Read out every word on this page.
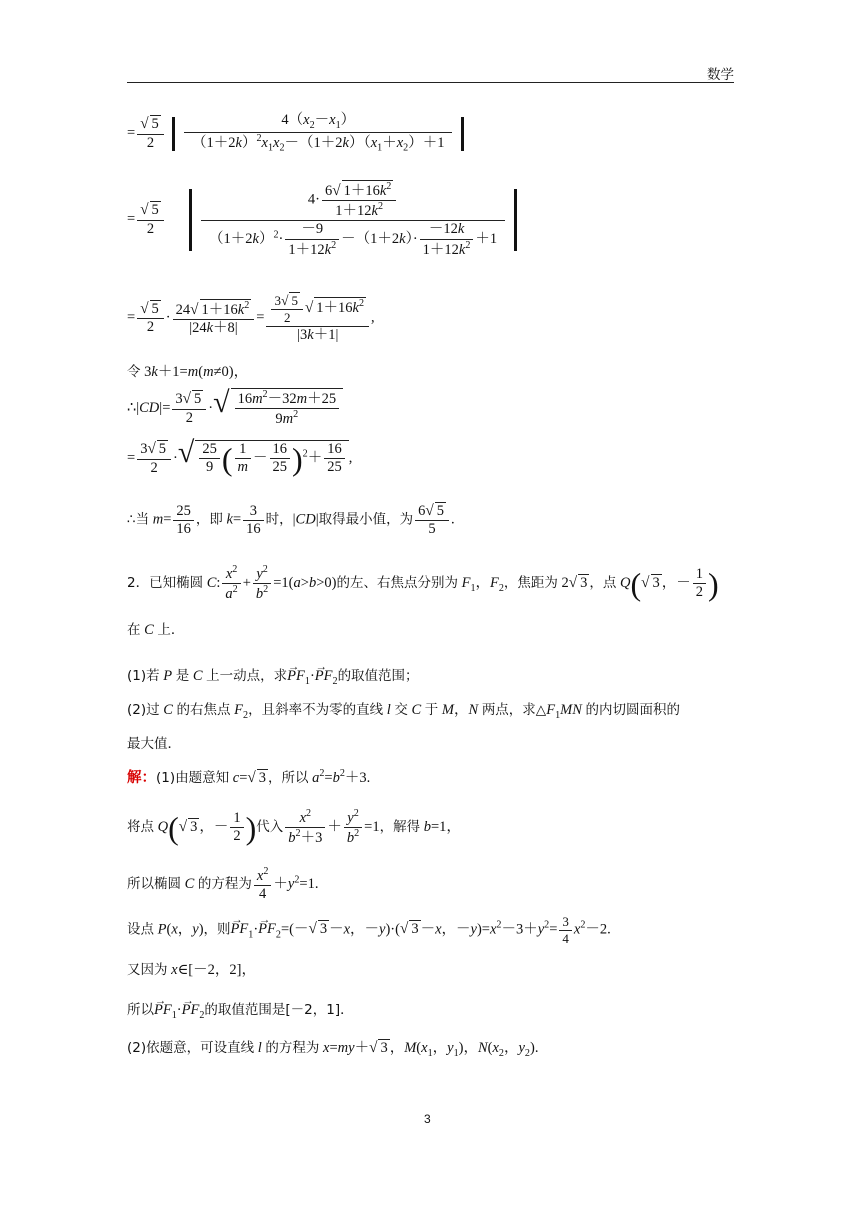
数学
= $\frac{√ 5}{2}$
$\frac{4(x_2-x_1)}{(1+2k)^2x_1x_2-(1+2k)(x_1+x_2)+1}$

= $\frac{√ 5}{2}$
	$\frac{4\cdot \frac{6√ 1+16k^2}{1+12k^2}}{(1+2k)^2\cdot \frac{-9}{1+12k^2} -(1+2k)\cdot \frac{-12k}{1+12k^2} +1}$

= $\frac{√ 5}{2} \cdot \frac{24√ 1+16k^2}{|24k+8|} = \frac{\frac{3√ 5}{2} √ 1+16k^2}{|3k+1|}$ ,
令 3k＋1=m(m≠0)，
∴|CD|= $\frac{3√ 5}{2}$ ·√ $\frac{16m^2-32m+25}{9m^2}$
= $\frac{3√ 5}{2}$ ·√ $\frac{25}{9}$ ( $\frac{1}{m} - \frac{16}{25} )^2+ \frac{16}{25}$ ,
∴当 $m= \frac{25}{16}$ ，即 $k= \frac{3}{16}$ 时，|CD|取得最小值，为 $\frac{6√ 5}{5}$ .
2．已知椭圆 C: $\frac{x^2}{a^2} + \frac{y^2}{b^2} =1(a>b>0)$的左、右焦点分别为 $F_1$，$F_2$，焦距为 2√ 3 ，点 Q(√ 3 ，－ $\frac{1}{2}$ )
在 C 上．
(1)若 P 是 C 上一动点，求→ $PF_1\cdot\to PF_2$的取值范围；
(2)过 C 的右焦点 $F_2$，且斜率不为零的直线 l 交 C 于 M，N 两点，求$\triangle F_1MN$ 的内切圆面积的
最大值．
解：(1)由题意知 c=√ 3 ，所以 $a^2=b^2+3$.
将点 Q(√ 3 ，－ $\frac{1}{2}$ )代入 $\frac{x^2}{b^2+3} + \frac{y^2}{b^2} =1$，解得 b=1，
所以椭圆 C 的方程为 $\frac{x^2}{4} +y^2=1$.
设点 P(x，y)，则→ $PF_1\cdot\to PF_2=(-√$ 3 －x，－y)·(√ 3 －x，$-y)=x^2-3+y^2= \frac{3}{4} x^2-2$.
又因为 x∈[－2，2]，
所以→ $PF_1\cdot\to PF_2$的取值范围是[－2，1]．
(2)依题意，可设直线 l 的方程为 x=my＋√ 3 ，$M(x_1$，$y_1$)，$N(x_2$，$y_2$).
3
